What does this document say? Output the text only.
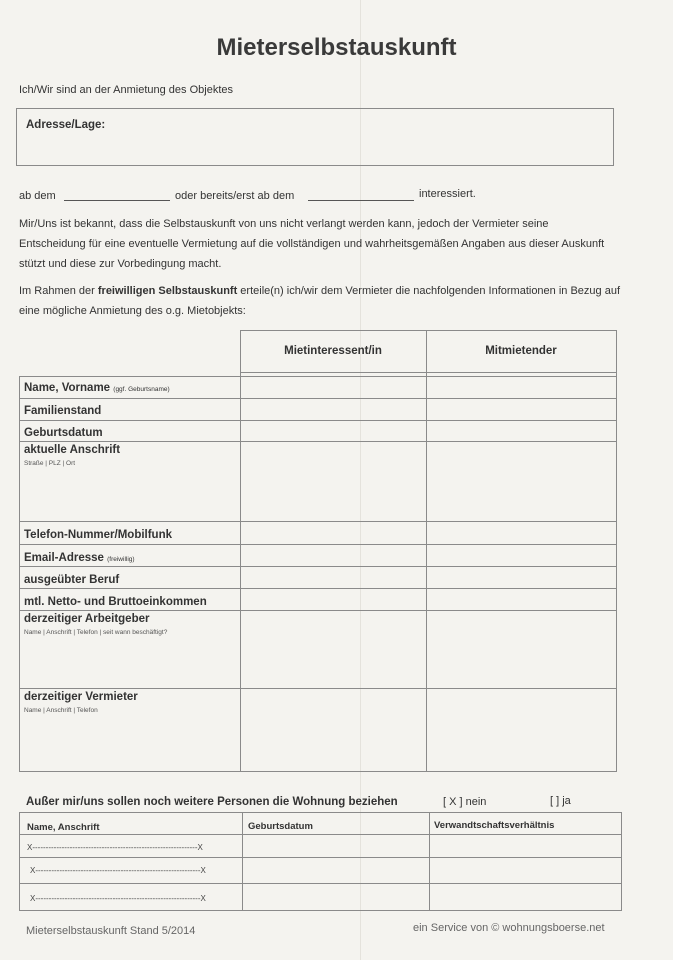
Mieterselbstauskunft
Ich/Wir sind an der Anmietung des Objektes
Adresse/Lage:
ab dem	oder bereits/erst ab dem	interessiert.
Mir/Uns ist bekannt, dass die Selbstauskunft von uns nicht verlangt werden kann, jedoch der Vermieter seine Entscheidung für eine eventuelle Vermietung auf die vollständigen und wahrheitsgemäßen Angaben aus dieser Auskunft stützt und diese zur Vorbedingung macht.
Im Rahmen der freiwilligen Selbstauskunft erteile(n) ich/wir dem Vermieter die nachfolgenden Informationen in Bezug auf eine mögliche Anmietung des o.g. Mietobjekts:
Mietinteressent/in	Mitmietender
Name, Vorname (ggf. Geburtsname)
Familienstand
Geburtsdatum
aktuelle Anschrift
Straße | PLZ | Ort
Telefon-Nummer/Mobilfunk
Email-Adresse (freiwillig)
ausgeübter Beruf
mtl. Netto- und Bruttoeinkommen
derzeitiger Arbeitgeber
Name | Anschrift | Telefon | seit wann beschäftigt?
derzeitiger Vermieter
Name | Anschrift | Telefon
Außer mir/uns sollen noch weitere Personen die Wohnung beziehen	[ X ] nein	[ ] ja
Name, Anschrift	Geburtsdatum	Verwandtschaftsverhältnis
X--------------------------------------------------------------X
X--------------------------------------------------------------X
X--------------------------------------------------------------X
Mieterselbstauskunft Stand 5/2014	ein Service von © wohnungsboerse.net
